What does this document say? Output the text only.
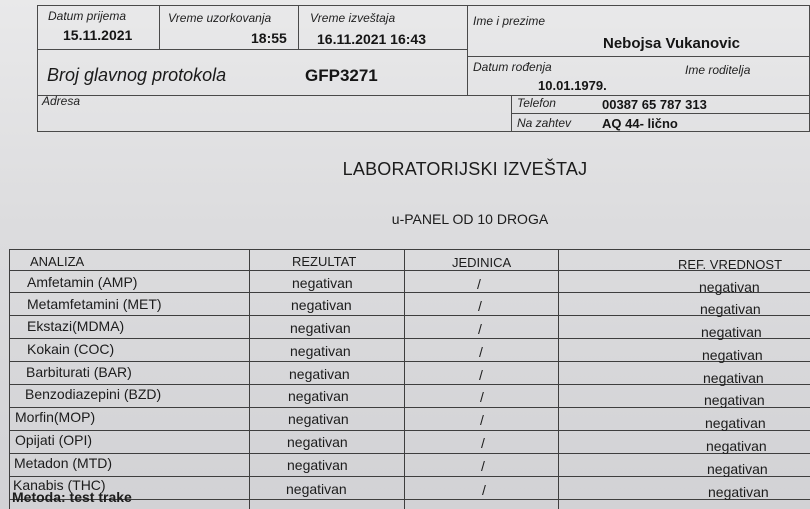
Datum prijema
15.11.2021
Vreme uzorkovanja
18:55
Vreme izveštaja
16.11.2021 16:43
Ime i prezime
Nebojsa Vukanovic
Broj glavnog protokola	GFP3271	Datum rođenja
10.01.1979.
Ime roditelja
Adresa	Telefon	00387 65 787 313
Na zahtev AQ 44- lično
LABORATORIJSKI IZVEŠTAJ
u-PANEL OD 10 DROGA
ANALIZA	REZULTAT	JEDINICA	REF. VREDNOST
Amfetamin (AMP)	negativan	/	negativan
Metamfetamini (MET)	negativan	/	negativan
Ekstazi(MDMA)	negativan	/	negativan
Kokain (COC)	negativan	/	negativan
Barbiturati (BAR)	negativan	/	negativan
Benzodiazepini (BZD)	negativan	/	negativan
Morfin(MOP)	negativan	/	negativan
Opijati (OPI)	negativan	/	negativan
Metadon (MTD)	negativan	/	negativan
Kanabis (THC)	negativan	/	negativan
Metoda: test trake
